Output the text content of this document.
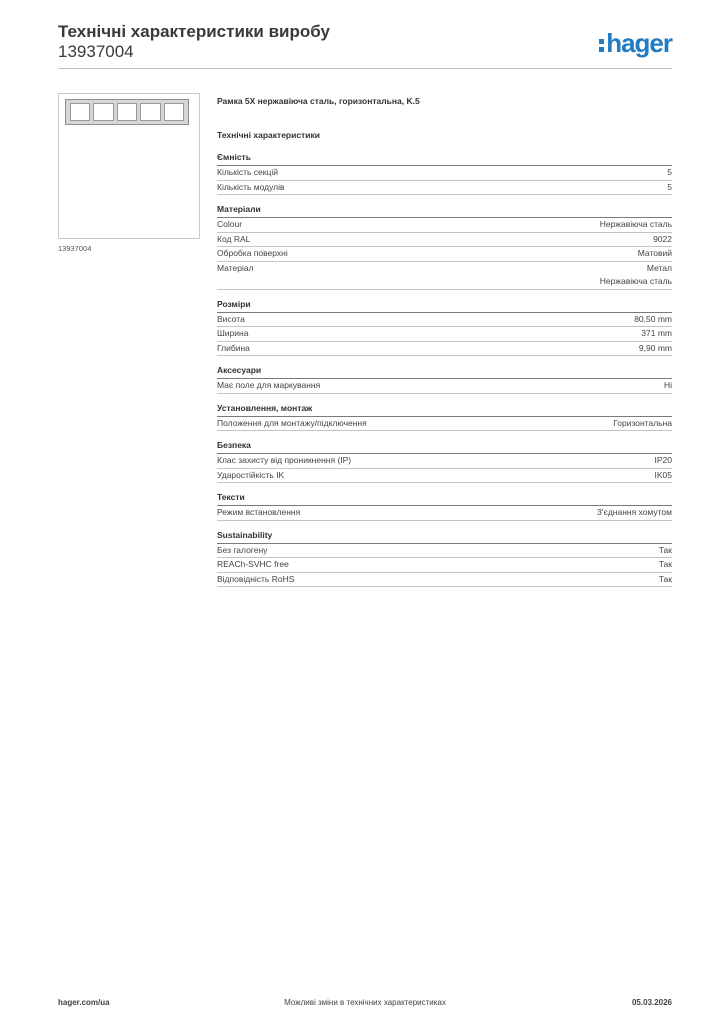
Технічні характеристики виробу
13937004	hager
13937004
Рамка 5X нержавіюча сталь, горизонтальна, K.5
Технічні характеристики
Ємність
Кількість секцій	5
Кількість модулів	5
Матеріали
Colour	Нержавіюча сталь
Код RAL	9022
Обробка поверхні	Матовий
Матеріал	Метал
Нержавіюча сталь
Розміри
Висота	80,50 mm
Ширина	371 mm
Глибина	9,90 mm
Аксесуари
Має поле для маркування	Ні
Установлення, монтаж
Положення для монтажу/підключення	Горизонтальна
Безпека
Клас захисту від проникнення (IP)	IP20
Ударостійкість IK	IK05
Тексти
Режим встановлення	З'єднання хомутом
Sustainability
Без галогену	Так
REACh-SVHC free	Так
Відповідність RoHS	Так
hager.com/ua	Можливі зміни в технічних характеристиках	05.03.2026
